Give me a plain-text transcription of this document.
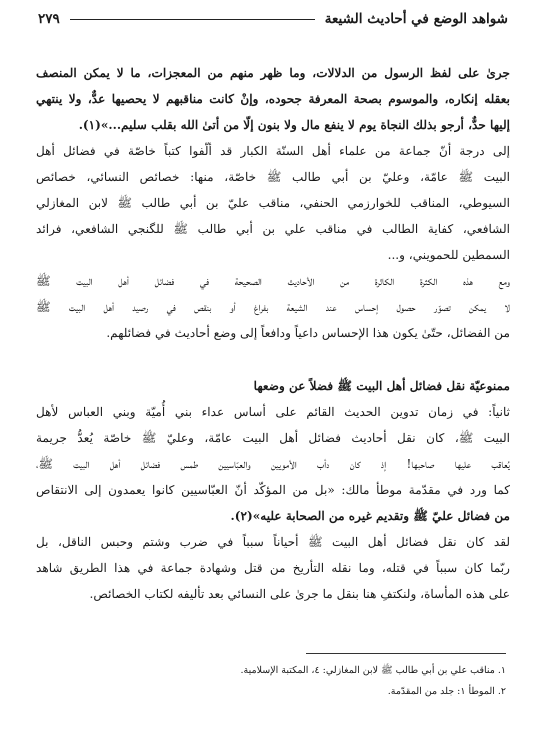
شواهد الوضع في أحاديث الشيعة
٢٧٩
جرىٰ على لفظ الرسول من الدلالات، وما ظهر منهم من المعجزات، ما لا يمكن المنصف
بعقله إنكاره، والموسوم بصحة المعرفة جحوده، وإنْ كانت مناقبهم لا يحصيها عدٌّ، ولا ينتهي
إليها حدٌّ، أرجو بذلك النجاة يوم لا ينفع مال ولا بنون إلّا من أتىٰ الله بقلب سليم...»(١).
إلى درجة أنّ جماعة من علماء أهل السنّة الكبار قد ألّفوا كتباً خاصّة في فضائل أهل
البيت ﷺ عامّة، وعليّ بن أبي طالب ﷺ خاصّة، منها: خصائص النسائي، خصائص
السيوطي، المناقب للخوارزمي الحنفي، مناقب عليّ بن أبي طالب ﷺ لابن المغازلي
الشافعي، كفاية الطالب في مناقب علي بن أبي طالب ﷺ للگنجي الشافعي، فرائد
السمطين للحمويني، و...
ومع هذه الكثرة الكاثرة من الأحاديث الصحيحة في فضائل أهل البيت ﷺ
لا يمكن تصوّر حصول إحساس عند الشيعة بفراغ أو بنقص في رصيد أهل البيت ﷺ
من الفضائل، حتّىٰ يكون هذا الإحساس داعياً ودافعاً إلى وضع أحاديث في فضائلهم.
ممنوعيّة نقل فضائل أهل البيت ﷺ فضلاً عن وضعها
ثانياً: في زمان تدوين الحديث القائم على أساس عداء بني أُميّة وبني العباس لأهل
البيت ﷺ، كان نقل أحاديث فضائل أهل البيت عامّة، وعليّ ﷺ خاصّة يُعدُّ جريمة
يُعاقب عليها صاحبها! إذ كان دأب الأمويين والعبّاسيين طمس فضائل أهل البيت ﷺ،
كما ورد في مقدّمة موطأ مالك: «بل من المؤكّد أنّ العبّاسيين كانوا يعمدون إلى الانتقاص
من فضائل عليّ ﷺ وتقديم غيره من الصحابة عليه»(٢).
لقد كان نقل فضائل أهل البيت ﷺ أحياناً سبباً في ضرب وشتم وحبس الناقل، بل
ربّما كان سبباً في قتله، وما نقله التأريخ من قتل وشهادة جماعة في هذا الطريق شاهد
على هذه المأساة، ولنكتفِ هنا بنقل ما جرىٰ على النسائي بعد تأليفه لكتاب الخصائص.
١. مناقب علي بن أبي طالب ﷺ لابن المغازلي: ٤، المكتبة الإسلامية.
٢. الموطأ ١: جلد من المقدّمة.
